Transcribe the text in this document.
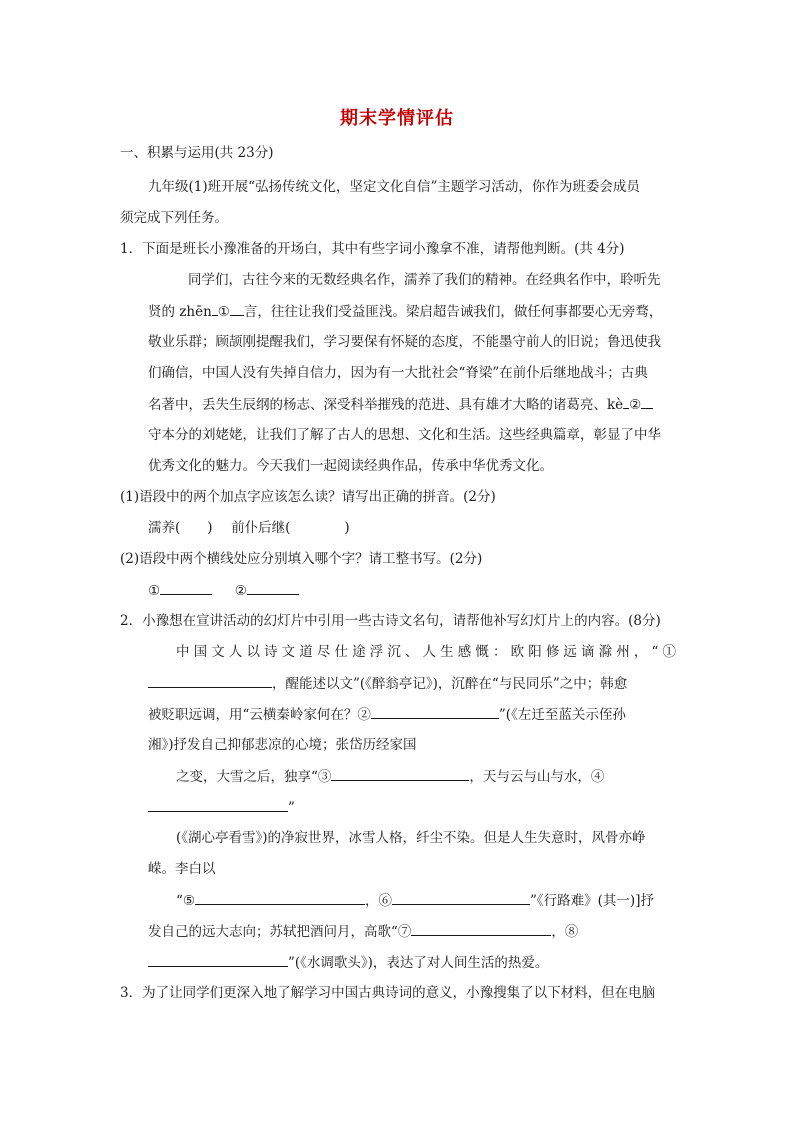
期末学情评估
一、积累与运用(共 23分)
九年级(1)班开展“弘扬传统文化，坚定文化自信”主题学习活动，你作为班委会成员
须完成下列任务。
1．下面是班长小豫准备的开场白，其中有些字词小豫拿不准，请帮他判断。(共 4分)
同学们，古往今来的无数经典名作，濡养了我们的精神。在经典名作中，聆听先
贤的 zhēn ① 言，往往让我们受益匪浅。梁启超告诫我们，做任何事都要心无旁骛，
敬业乐群；顾颉刚提醒我们，学习要保有怀疑的态度，不能墨守前人的旧说；鲁迅使我
们确信，中国人没有失掉自信力，因为有一大批社会“脊梁”在前仆后继地战斗；古典
名著中，丢失生辰纲的杨志、深受科举摧残的范进、具有雄才大略的诸葛亮、kè ②
守本分的刘姥姥，让我们了解了古人的思想、文化和生活。这些经典篇章，彰显了中华
优秀文化的魅力。今天我们一起阅读经典作品，传承中华优秀文化。
(1)语段中的两个加点字应该怎么读？请写出正确的拼音。(2分)
濡养(　　) 前仆后继(　　　　)
(2)语段中两个横线处应分别填入哪个字？请工整书写。(2分)
①	②
2．小豫想在宣讲活动的幻灯片中引用一些古诗文名句，请帮他补写幻灯片上的内容。(8分)
中国文人以诗文道尽仕途浮沉、人生感慨：欧阳修远谪滁州，“①
，醒能述以文”(《醉翁亭记》)，沉醉在“与民同乐”之中；韩愈
被贬职远调，用“云横秦岭家何在？②	”(《左迁至蓝关示侄孙
湘》)抒发自己抑郁悲凉的心境；张岱历经家国
之变，大雪之后，独享“③	，天与云与山与水，④
”
(《湖心亭看雪》)的净寂世界，冰雪人格，纤尘不染。但是人生失意时，风骨亦峥
嵘。李白以
“⑤	，⑥	”《行路难》(其一)]抒
发自己的远大志向；苏轼把酒问月，高歌“⑦	，⑧
”(《水调歌头》)，表达了对人间生活的热爱。
3．为了让同学们更深入地了解学习中国古典诗词的意义，小豫搜集了以下材料，但在电脑
